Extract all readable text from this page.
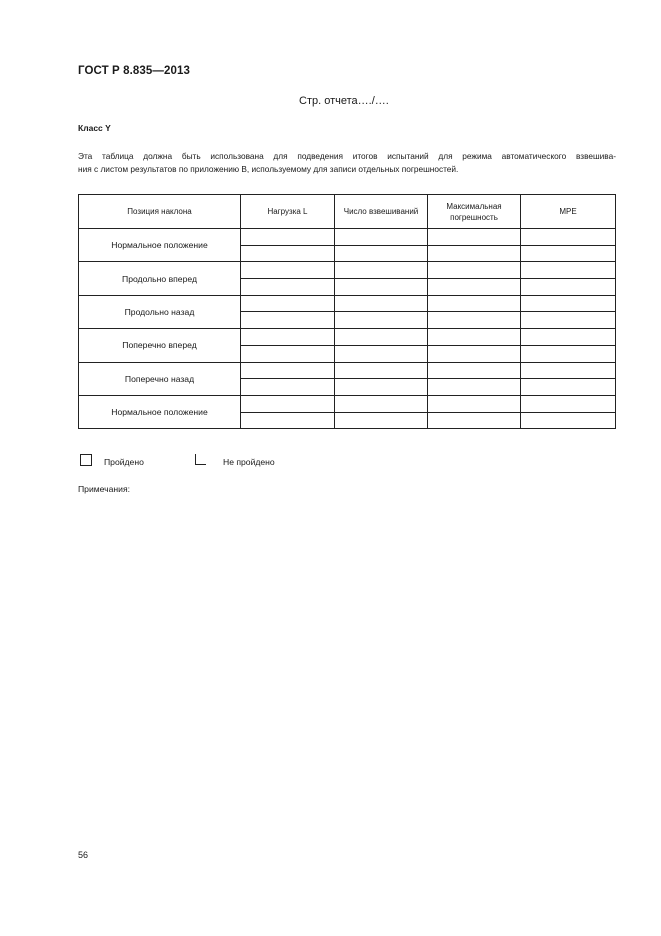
ГОСТ Р 8.835—2013
Стр. отчета…./….
Класс Y
Эта таблица должна быть использована для подведения итогов испытаний для режима автоматического взвешива-
ния с листом результатов по приложению В, используемому для записи отдельных погрешностей.
Позиция наклона	Нагрузка L	Число взвешиваний	Максимальная
погрешность	MPE
Нормальное положение				

Продольно вперед				

Продольно назад				

Поперечно вперед				

Поперечно назад				

Нормальное положение				

Пройдено	Не пройдено
Примечания:
56
